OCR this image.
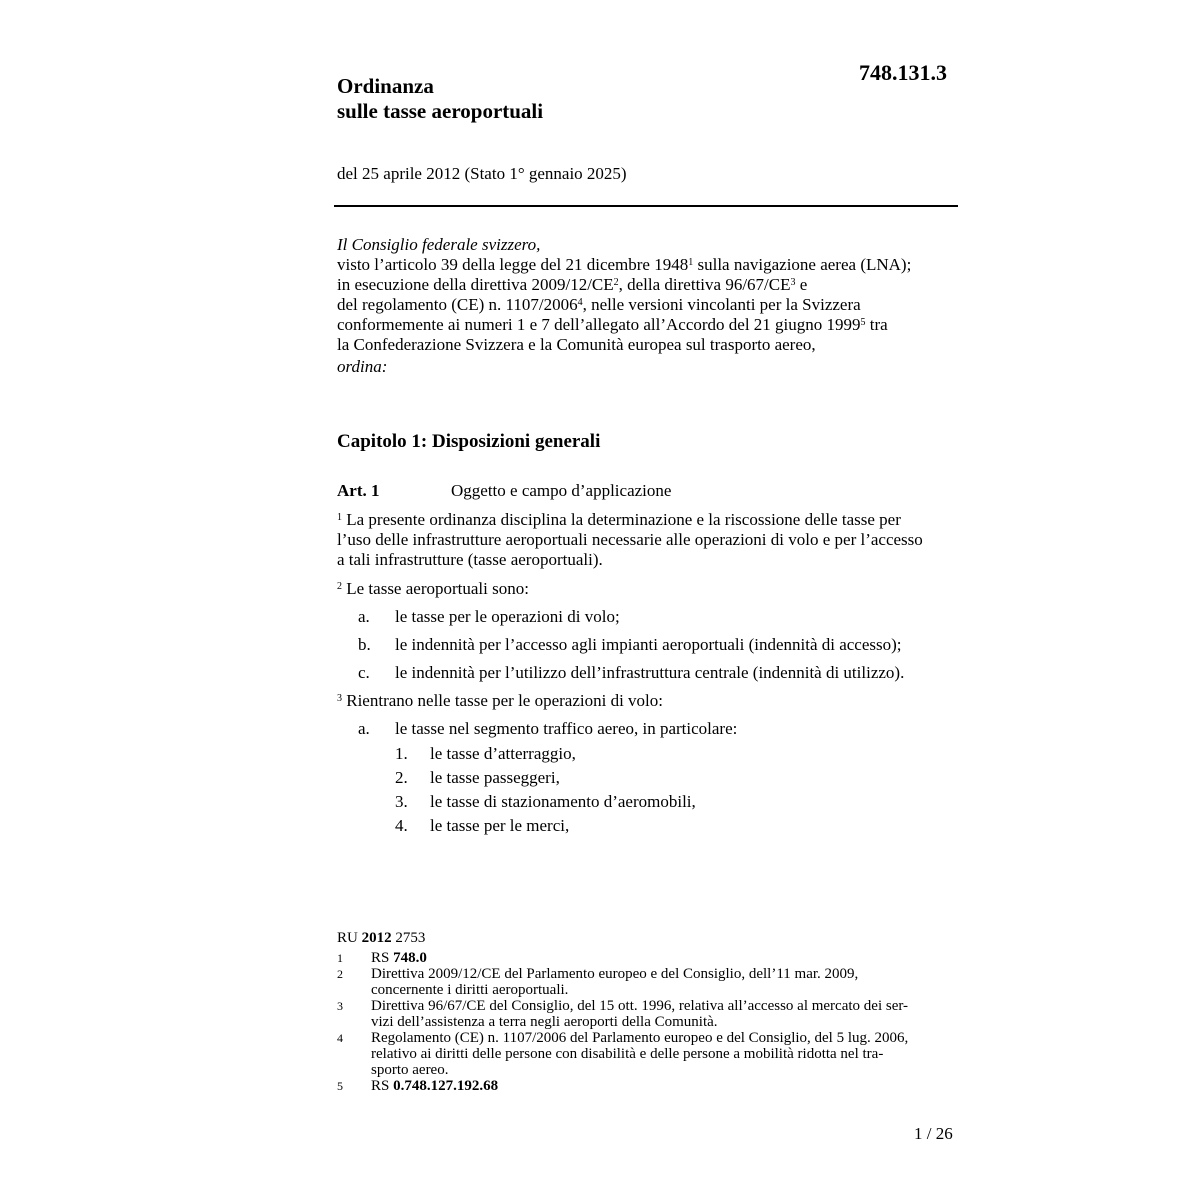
748.131.3
Ordinanza
sulle tasse aeroportuali
del 25 aprile 2012 (Stato 1° gennaio 2025)
Il Consiglio federale svizzero,
visto l’articolo 39 della legge del 21 dicembre 1948$^1$ sulla navigazione aerea (LNA);
in esecuzione della direttiva $2009/12/CE^2$, della direttiva $96/67/CE^3$ e
del regolamento (CE) n. 1107/2006$^4$, nelle versioni vincolanti per la Svizzera
conformemente ai numeri 1 e 7 dell’allegato all’Accordo del 21 giugno 1999$^5$ tra
la Confederazione Svizzera e la Comunità europea sul trasporto aereo,
ordina:
Capitolo 1: Disposizioni generali
Art. 1	Oggetto e campo d’applicazione
$^1$ La presente ordinanza disciplina la determinazione e la riscossione delle tasse per
l’uso delle infrastrutture aeroportuali necessarie alle operazioni di volo e per l’accesso
a tali infrastrutture (tasse aeroportuali).
$^2$ Le tasse aeroportuali sono:
a. le tasse per le operazioni di volo;
b. le indennità per l’accesso agli impianti aeroportuali (indennità di accesso);
c. le indennità per l’utilizzo dell’infrastruttura centrale (indennità di utilizzo).
$^3$ Rientrano nelle tasse per le operazioni di volo:
a. le tasse nel segmento traffico aereo, in particolare:
1. le tasse d’atterraggio,
2. le tasse passeggeri,
3. le tasse di stazionamento d’aeromobili,
4. le tasse per le merci,
RU 2012 2753
1	RS 748.0
2	Direttiva 2009/12/CE del Parlamento europeo e del Consiglio, dell’11 mar. 2009,
concernente i diritti aeroportuali.
3	Direttiva 96/67/CE del Consiglio, del 15 ott. 1996, relativa all’accesso al mercato dei ser-
vizi dell’assistenza a terra negli aeroporti della Comunità.
4	Regolamento (CE) n. 1107/2006 del Parlamento europeo e del Consiglio, del 5 lug. 2006,
relativo ai diritti delle persone con disabilità e delle persone a mobilità ridotta nel tra-
sporto aereo.
5	RS 0.748.127.192.68
1 / 26
